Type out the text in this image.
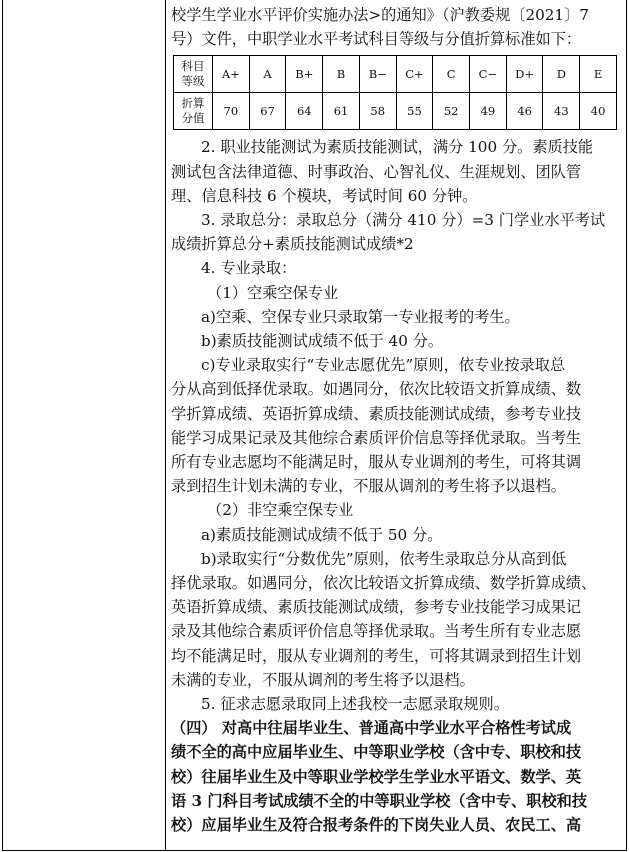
校学生学业水平评价实施办法>的通知》（沪教委规〔2021〕7
号）文件，中职学业水平考试科目等级与分值折算标准如下：
科目
等级	A+	A	B+	B	B−	C+	C	C−	D+	D	E
折算
分值	70	67	64	61	58	55	52	49	46	43	40
2. 职业技能测试为素质技能测试，满分 100 分。素质技能
测试包含法律道德、时事政治、心智礼仪、生涯规划、团队管
理、信息科技 6 个模块，考试时间 60 分钟。
3. 录取总分：录取总分（满分 410 分）=3 门学业水平考试
成绩折算总分+素质技能测试成绩*2
4. 专业录取：
（1）空乘空保专业
a)空乘、空保专业只录取第一专业报考的考生。
b)素质技能测试成绩不低于 40 分。
c)专业录取实行“专业志愿优先”原则，依专业按录取总
分从高到低择优录取。如遇同分，依次比较语文折算成绩、数
学折算成绩、英语折算成绩、素质技能测试成绩，参考专业技
能学习成果记录及其他综合素质评价信息等择优录取。当考生
所有专业志愿均不能满足时，服从专业调剂的考生，可将其调
录到招生计划未满的专业，不服从调剂的考生将予以退档。
（2）非空乘空保专业
a)素质技能测试成绩不低于 50 分。
b)录取实行“分数优先”原则，依考生录取总分从高到低
择优录取。如遇同分，依次比较语文折算成绩、数学折算成绩、
英语折算成绩、素质技能测试成绩，参考专业技能学习成果记
录及其他综合素质评价信息等择优录取。当考生所有专业志愿
均不能满足时，服从专业调剂的考生，可将其调录到招生计划
未满的专业，不服从调剂的考生将予以退档。
5. 征求志愿录取同上述我校一志愿录取规则。
（四） 对高中往届毕业生、普通高中学业水平合格性考试成
绩不全的高中应届毕业生、中等职业学校（含中专、职校和技
校）往届毕业生及中等职业学校学生学业水平语文、数学、英
语 3 门科目考试成绩不全的中等职业学校（含中专、职校和技
校）应届毕业生及符合报考条件的下岗失业人员、农民工、高
